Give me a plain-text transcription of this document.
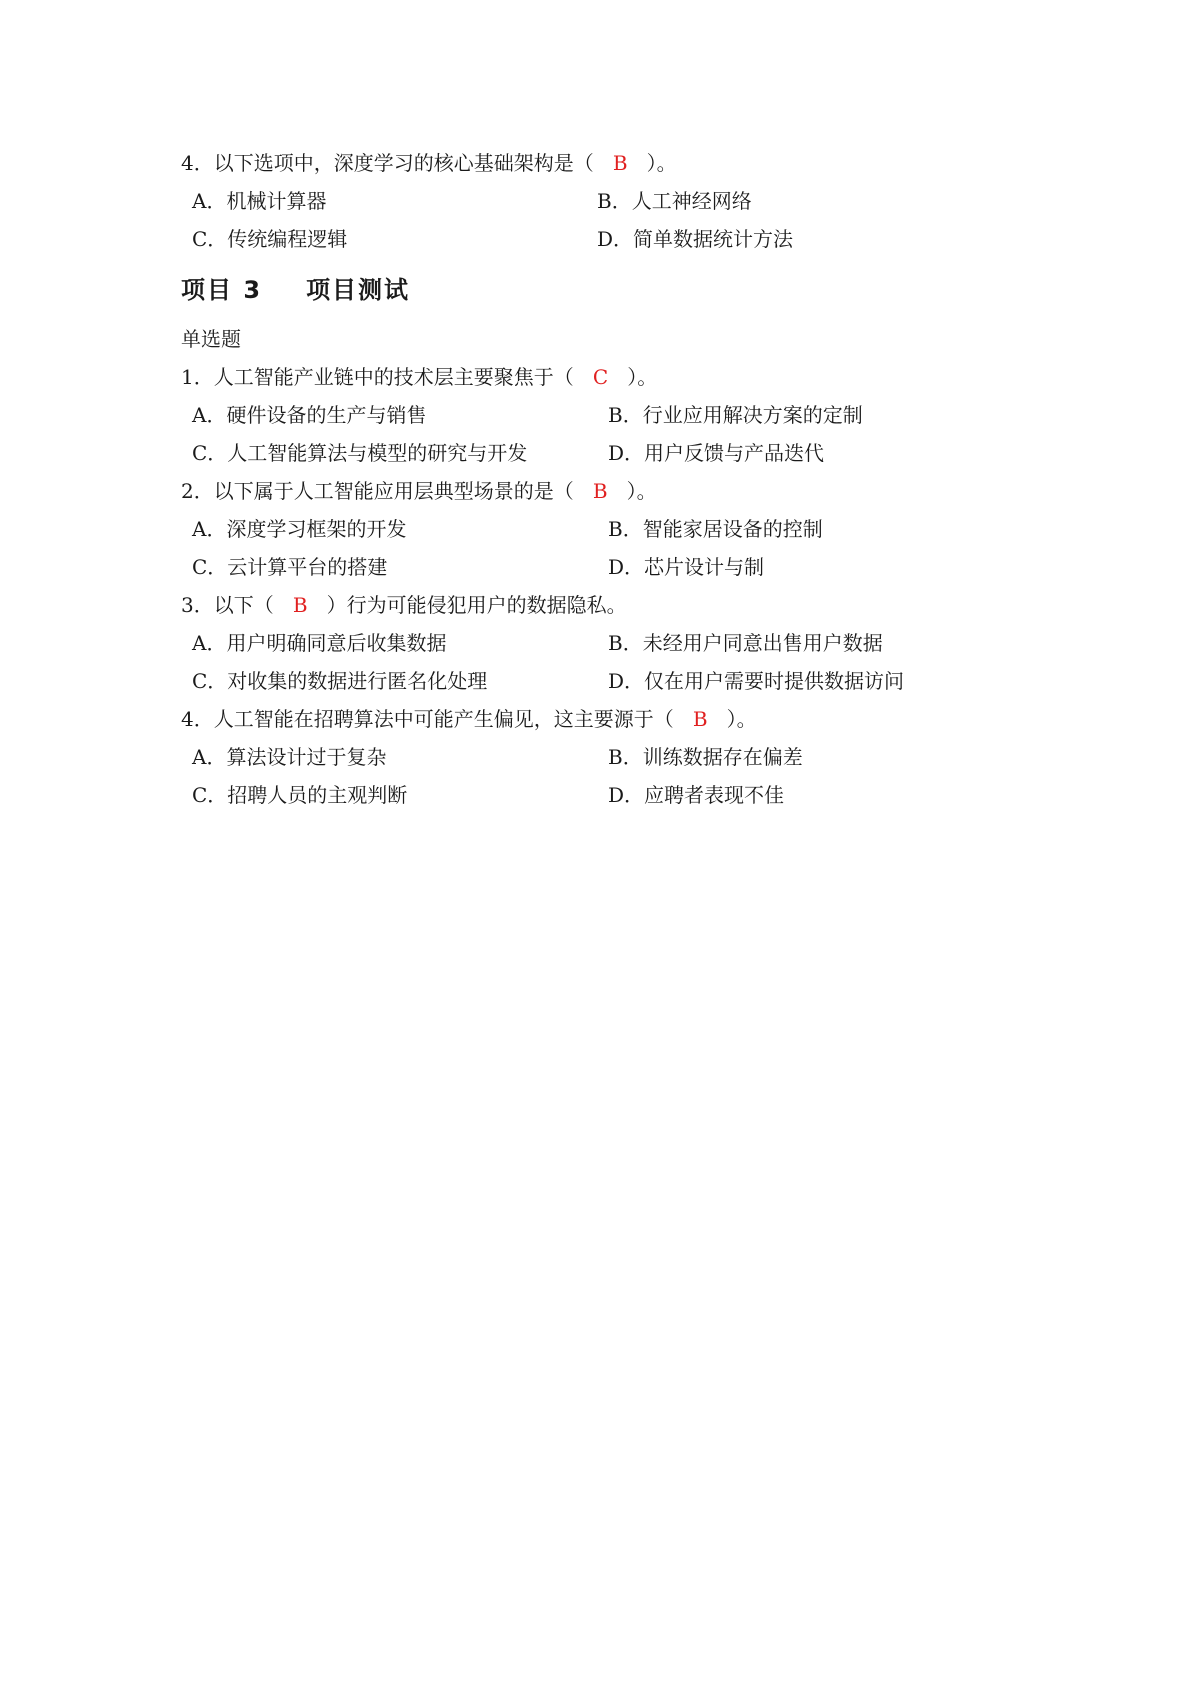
4．以下选项中，深度学习的核心基础架构是（ B ）。
A．机械计算器	B．人工神经网络
C．传统编程逻辑	D．简单数据统计方法
项目 3 项目测试
单选题
1．人工智能产业链中的技术层主要聚焦于（ C ）。
A．硬件设备的生产与销售	B．行业应用解决方案的定制
C．人工智能算法与模型的研究与开发	D．用户反馈与产品迭代
2．以下属于人工智能应用层典型场景的是（ B ）。
A．深度学习框架的开发	B．智能家居设备的控制
C．云计算平台的搭建	D．芯片设计与制
3．以下（ B ）行为可能侵犯用户的数据隐私。
A．用户明确同意后收集数据	B．未经用户同意出售用户数据
C．对收集的数据进行匿名化处理	D．仅在用户需要时提供数据访问
4．人工智能在招聘算法中可能产生偏见，这主要源于（ B ）。
A．算法设计过于复杂	B．训练数据存在偏差
C．招聘人员的主观判断	D．应聘者表现不佳
